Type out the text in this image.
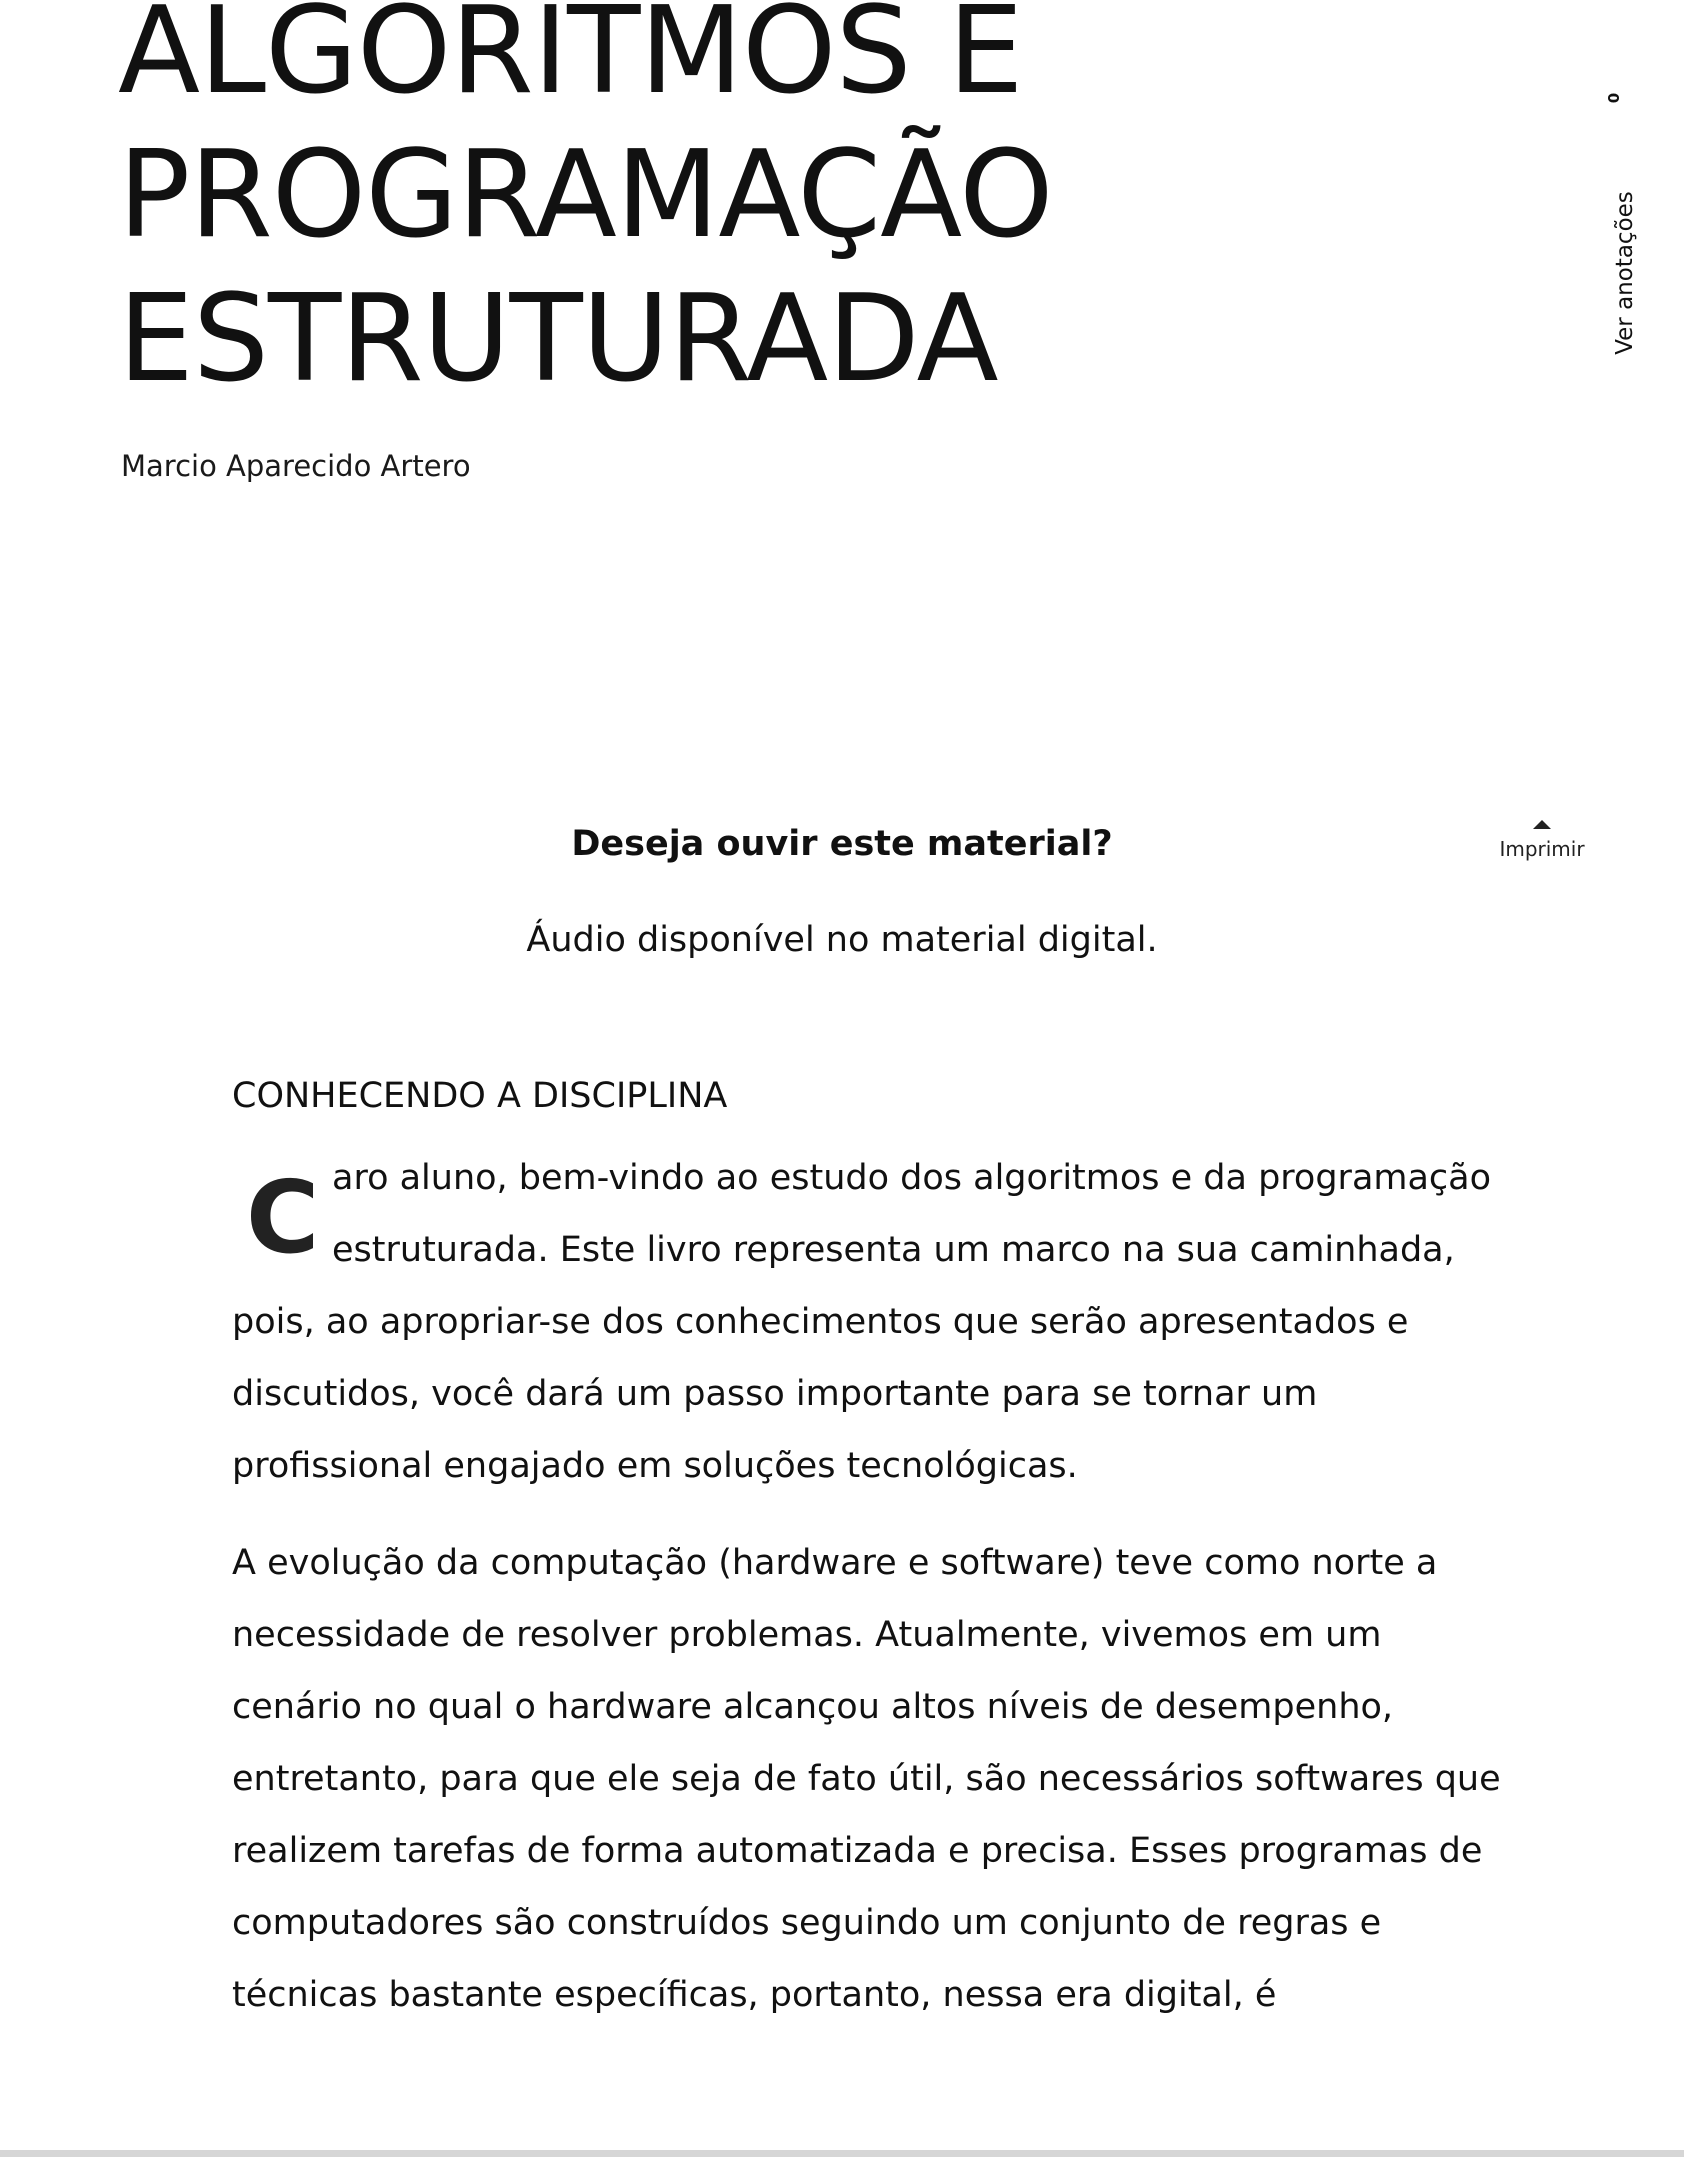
ALGORITMOS E
PROGRAMAÇÃO
ESTRUTURADA
Marcio Aparecido Artero
0
Ver anotações
Imprimir

Deseja ouvir este material?

Áudio disponível no material digital.

CONHECENDO A DISCIPLINA

C aro aluno, bem-vindo ao estudo dos algoritmos e da programação
estruturada. Este livro representa um marco na sua caminhada,
pois, ao apropriar-se dos conhecimentos que serão apresentados e
discutidos, você dará um passo importante para se tornar um
profissional engajado em soluções tecnológicas.

A evolução da computação (hardware e software) teve como norte a
necessidade de resolver problemas. Atualmente, vivemos em um
cenário no qual o hardware alcançou altos níveis de desempenho,
entretanto, para que ele seja de fato útil, são necessários softwares que
realizem tarefas de forma automatizada e precisa. Esses programas de
computadores são construídos seguindo um conjunto de regras e
técnicas bastante específicas, portanto, nessa era digital, é
